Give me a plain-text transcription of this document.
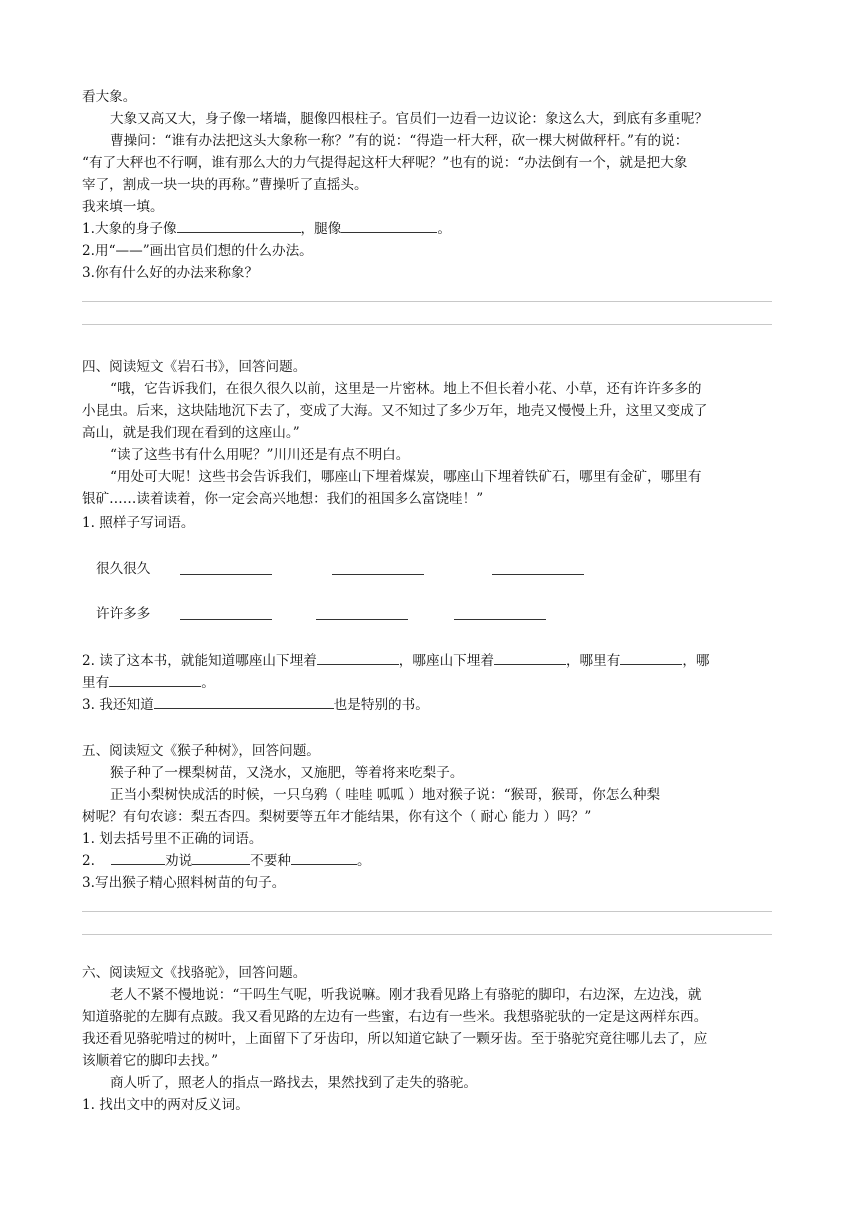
看大象。
大象又高又大，身子像一堵墙，腿像四根柱子。官员们一边看一边议论：象这么大，到底有多重呢？
曹操问：“谁有办法把这头大象称一称？”有的说：“得造一杆大秤，砍一棵大树做秤杆。”有的说：
“有了大秤也不行啊，谁有那么大的力气提得起这杆大秤呢？”也有的说：“办法倒有一个，就是把大象
宰了，割成一块一块的再称。”曹操听了直摇头。
我来填一填。
1.大象的身子像	，腿像	。
2.用“——”画出官员们想的什么办法。
3.你有什么好的办法来称象？
四、阅读短文《岩石书》，回答问题。
“哦，它告诉我们，在很久很久以前，这里是一片密林。地上不但长着小花、小草，还有许许多多的
小昆虫。后来，这块陆地沉下去了，变成了大海。又不知过了多少万年，地壳又慢慢上升，这里又变成了
高山，就是我们现在看到的这座山。”
“读了这些书有什么用呢？”川川还是有点不明白。
“用处可大呢！这些书会告诉我们，哪座山下埋着煤炭，哪座山下埋着铁矿石，哪里有金矿，哪里有
银矿……读着读着，你一定会高兴地想：我们的祖国多么富饶哇！”
1. 照样子写词语。
很久很久
许许多多
2. 读了这本书，就能知道哪座山下埋着	，哪座山下埋着	，哪里有	，哪
里有	。
3. 我还知道	也是特别的书。
五、阅读短文《猴子种树》，回答问题。
猴子种了一棵梨树苗，又浇水，又施肥，等着将来吃梨子。
正当小梨树快成活的时候，一只乌鸦（ 哇哇 呱呱 ）地对猴子说：“猴哥，猴哥，你怎么种梨
树呢？有句农谚：梨五杏四。梨树要等五年才能结果，你有这个（ 耐心 能力 ）吗？”
1. 划去括号里不正确的词语。
2.	劝说	不要种	。
3.写出猴子精心照料树苗的句子。
六、阅读短文《找骆驼》，回答问题。
老人不紧不慢地说：“干吗生气呢，听我说嘛。刚才我看见路上有骆驼的脚印，右边深，左边浅，就
知道骆驼的左脚有点跛。我又看见路的左边有一些蜜，右边有一些米。我想骆驼驮的一定是这两样东西。
我还看见骆驼啃过的树叶，上面留下了牙齿印，所以知道它缺了一颗牙齿。至于骆驼究竟往哪儿去了，应
该顺着它的脚印去找。”
商人听了，照老人的指点一路找去，果然找到了走失的骆驼。
1. 找出文中的两对反义词。
